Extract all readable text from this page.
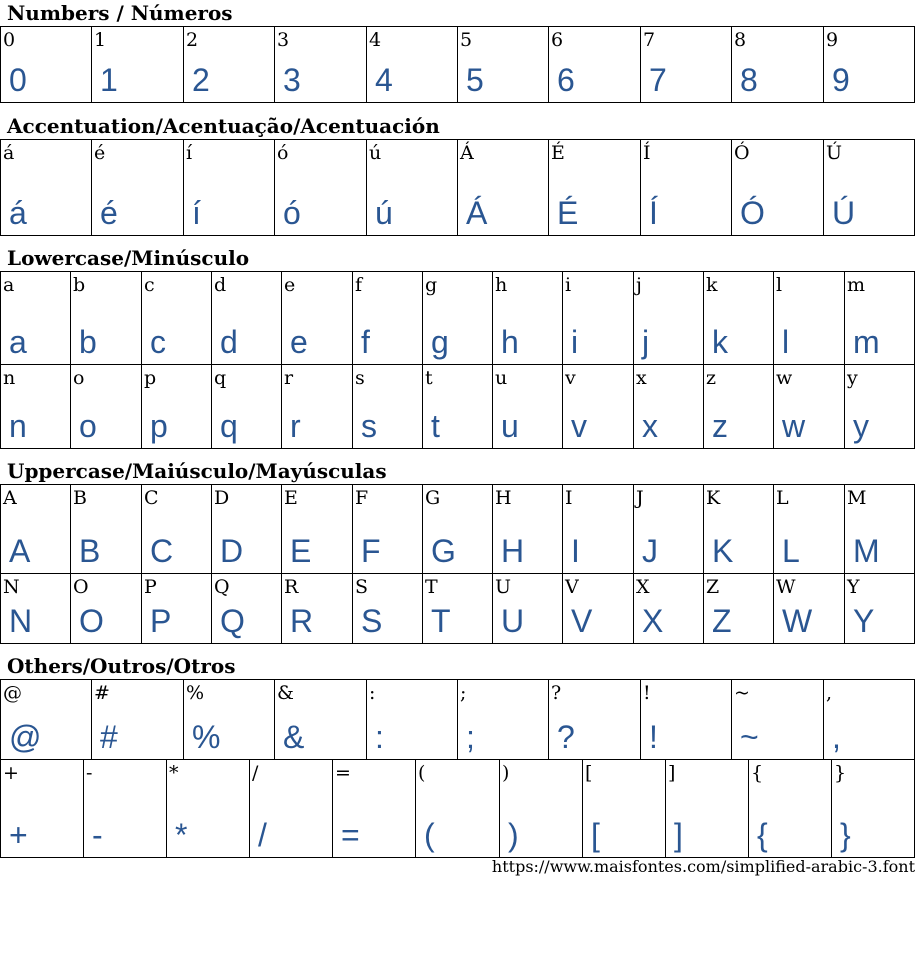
Numbers / Números
0
0
1
1
2
2
3
3
4
4
5
5
6
6
7
7
8
8
9
9
Accentuation/Acentuação/Acentuación
á
á
é
é
í
í
ó
ó
ú
ú
Á
Á
É
É
Í
Í
Ó
Ó
Ú
Ú
Lowercase/Minúsculo
a
a
b
b
c
c
d
d
e
e
f
f
g
g
h
h
i
i
j
j
k
k
l
l
m
m
n
n
o
o
p
p
q
q
r
r
s
s
t
t
u
u
v
v
x
x
z
z
w
w
y
y
Uppercase/Maiúsculo/Mayúsculas
A
A
B
B
C
C
D
D
E
E
F
F
G
G
H
H
I
I
J
J
K
K
L
L
M
M
N
N
O
O
P
P
Q
Q
R
R
S
S
T
T
U
U
V
V
X
X
Z
Z
W
W
Y
Y
Others/Outros/Otros
@
@
#
#
%
%
&
&
:
:
;
;
?
?
!
!
~
~
,
,
+
+
-
-
*
*
/
/
=
=
(
(
)
)
[
[
]
]
{
{
}
}
https://www.maisfontes.com/simplified-arabic-3.font
